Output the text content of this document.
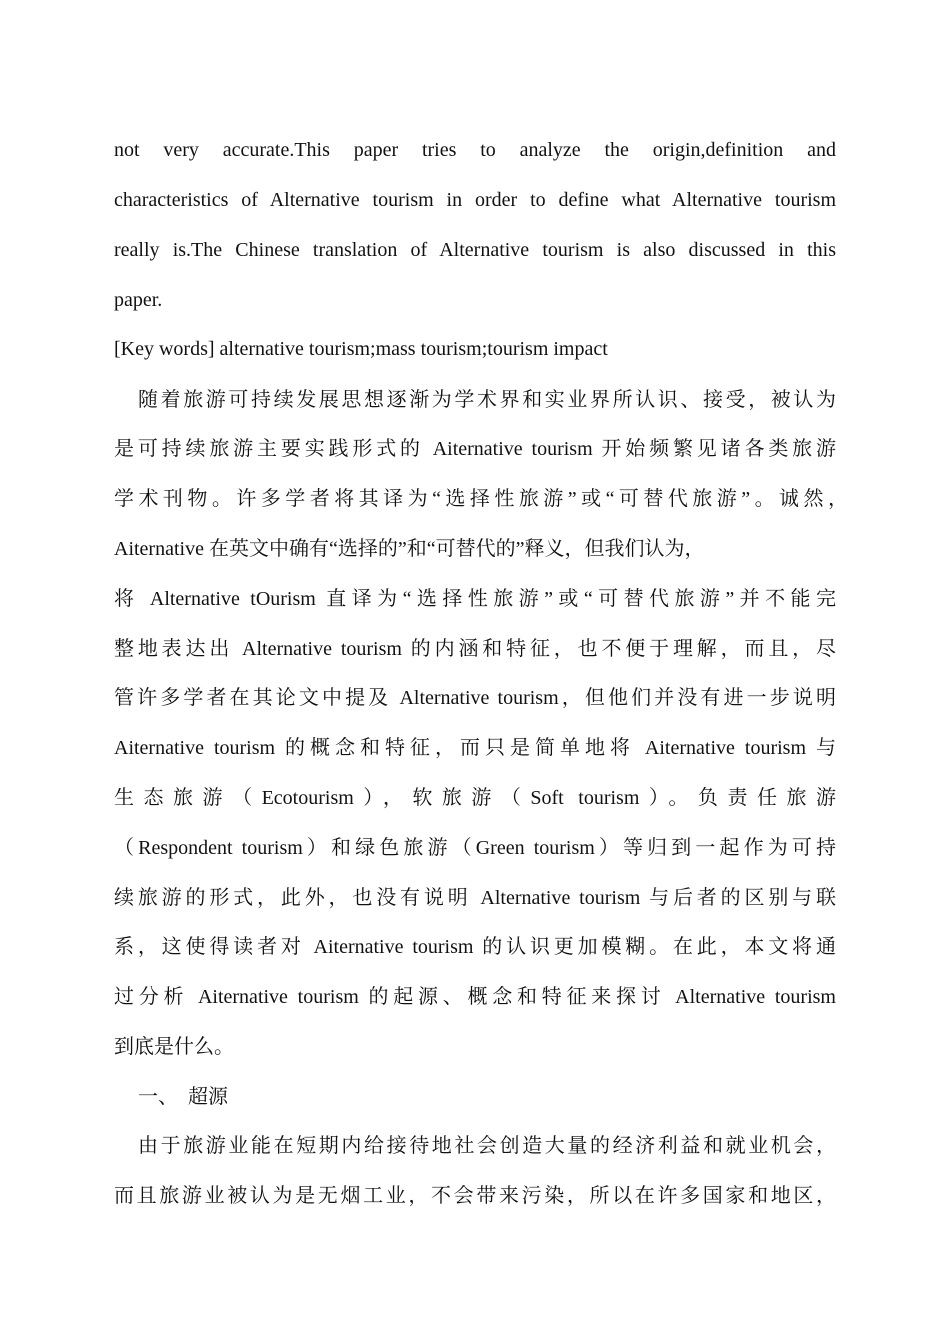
not very accurate.This paper tries to analyze the origin,definition and
characteristics of Alternative tourism in order to define what Alternative tourism
really is.The Chinese translation of Alternative tourism is also discussed in this
paper.
[Key words] alternative tourism;mass tourism;tourism impact
随着旅游可持续发展思想逐渐为学术界和实业界所认识、接受，被认为
是可持续旅游主要实践形式的 Aiternative tourism 开始频繁见诸各类旅游
学术刊物。许多学者将其译为“选择性旅游”或“可替代旅游”。诚然，
Aiternative 在英文中确有“选择的”和“可替代的”释义，但我们认为，
将 Alternative tOurism 直译为“选择性旅游”或“可替代旅游”并不能完
整地表达出 Alternative tourism 的内涵和特征，也不便于理解，而且，尽
管许多学者在其论文中提及 Alternative tourism，但他们并没有进一步说明
Aiternative tourism 的概念和特征，而只是简单地将 Aiternative tourism 与
生态旅游（Ecotourism），软旅游（Soft tourism）。负责任旅游
（Respondent tourism）和绿色旅游（Green tourism）等归到一起作为可持
续旅游的形式，此外，也没有说明 Alternative tourism 与后者的区别与联
系，这使得读者对 Aiternative tourism 的认识更加模糊。在此，本文将通
过分析 Aiternative tourism 的起源、概念和特征来探讨 Alternative tourism
到底是什么。
一、  超源
由于旅游业能在短期内给接待地社会创造大量的经济利益和就业机会，
而且旅游业被认为是无烟工业，不会带来污染，所以在许多国家和地区，
